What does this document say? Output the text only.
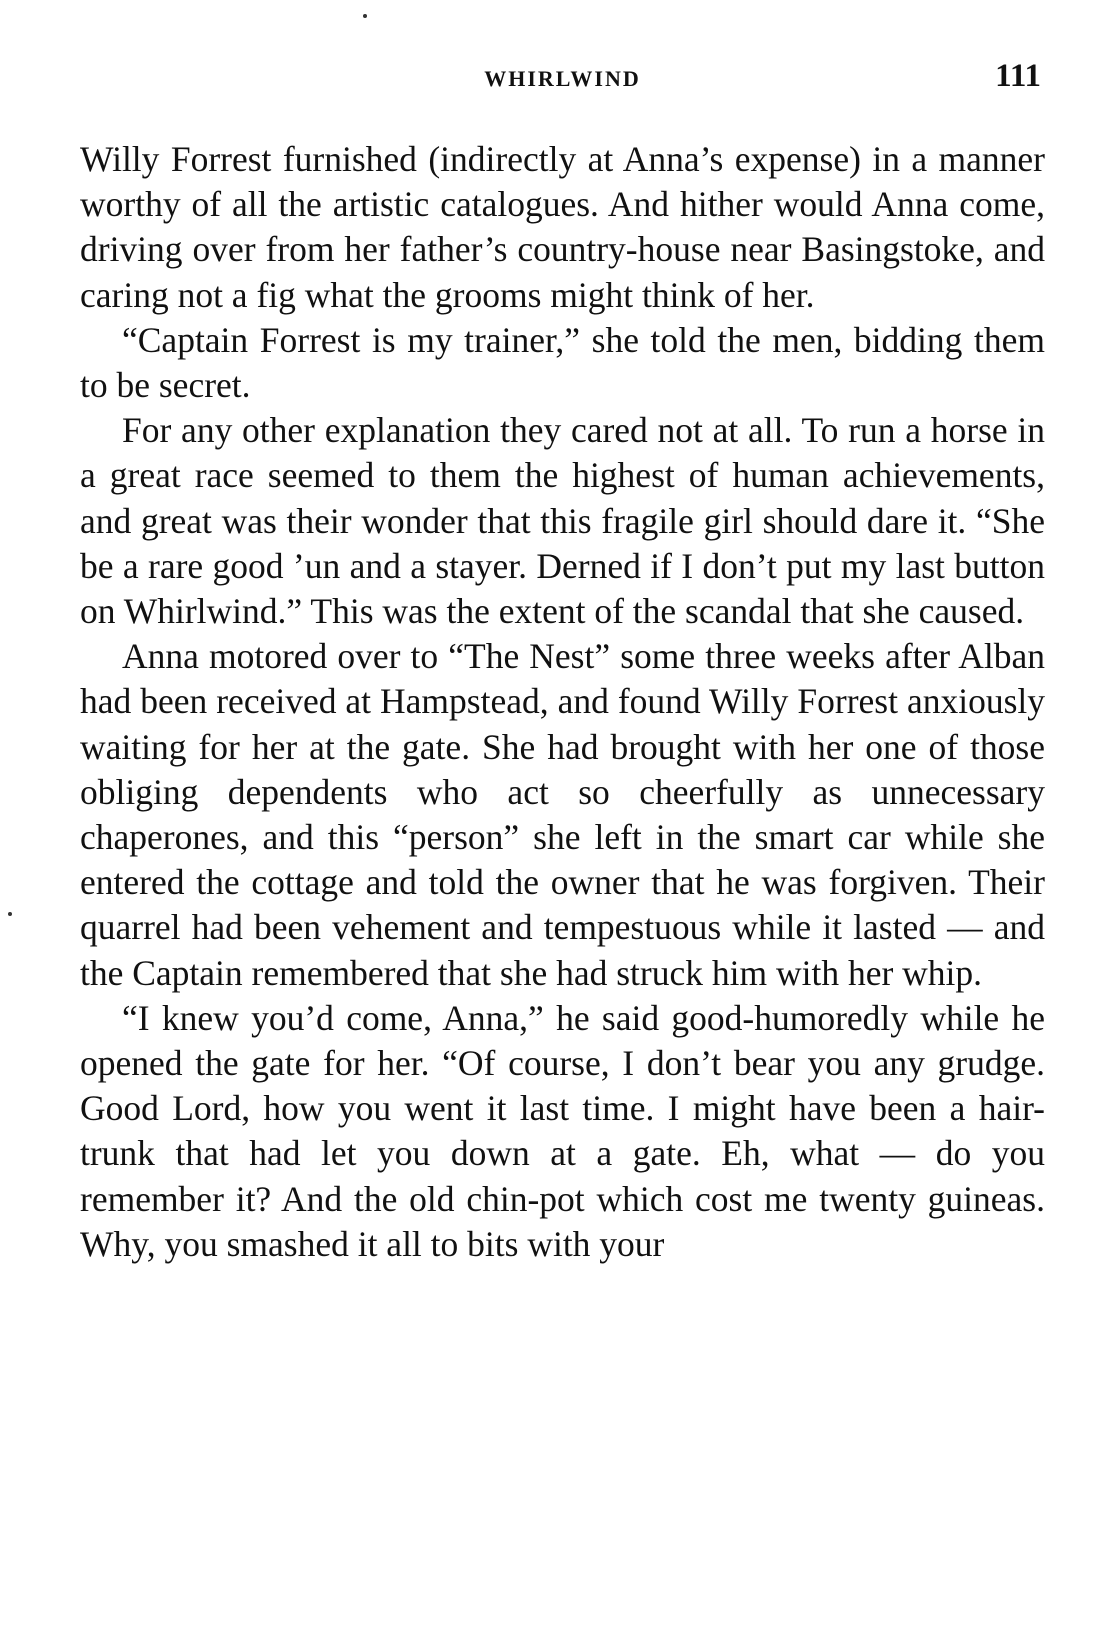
WHIRLWIND	111

Willy Forrest furnished (indirectly at Anna’s expense) in a manner worthy of all the artistic catalogues. And hither would Anna come, driving over from her father’s country-house near Basingstoke, and caring not a fig what the grooms might think of her.

“Captain Forrest is my trainer,” she told the men, bidding them to be secret.

For any other explanation they cared not at all. To run a horse in a great race seemed to them the highest of human achievements, and great was their wonder that this fragile girl should dare it. “She be a rare good ’un and a stayer. Derned if I don’t put my last button on Whirlwind.” This was the extent of the scandal that she caused.

Anna motored over to “The Nest” some three weeks after Alban had been received at Hampstead, and found Willy Forrest anxiously waiting for her at the gate. She had brought with her one of those obliging dependents who act so cheerfully as unnecessary chaperones, and this “person” she left in the smart car while she entered the cottage and told the owner that he was forgiven. Their quarrel had been vehement and tempestuous while it lasted — and the Captain remembered that she had struck him with her whip.

“I knew you’d come, Anna,” he said good-humoredly while he opened the gate for her. “Of course, I don’t bear you any grudge. Good Lord, how you went it last time. I might have been a hair-trunk that had let you down at a gate. Eh, what — do you remember it? And the old chin-pot which cost me twenty guineas. Why, you smashed it all to bits with your
